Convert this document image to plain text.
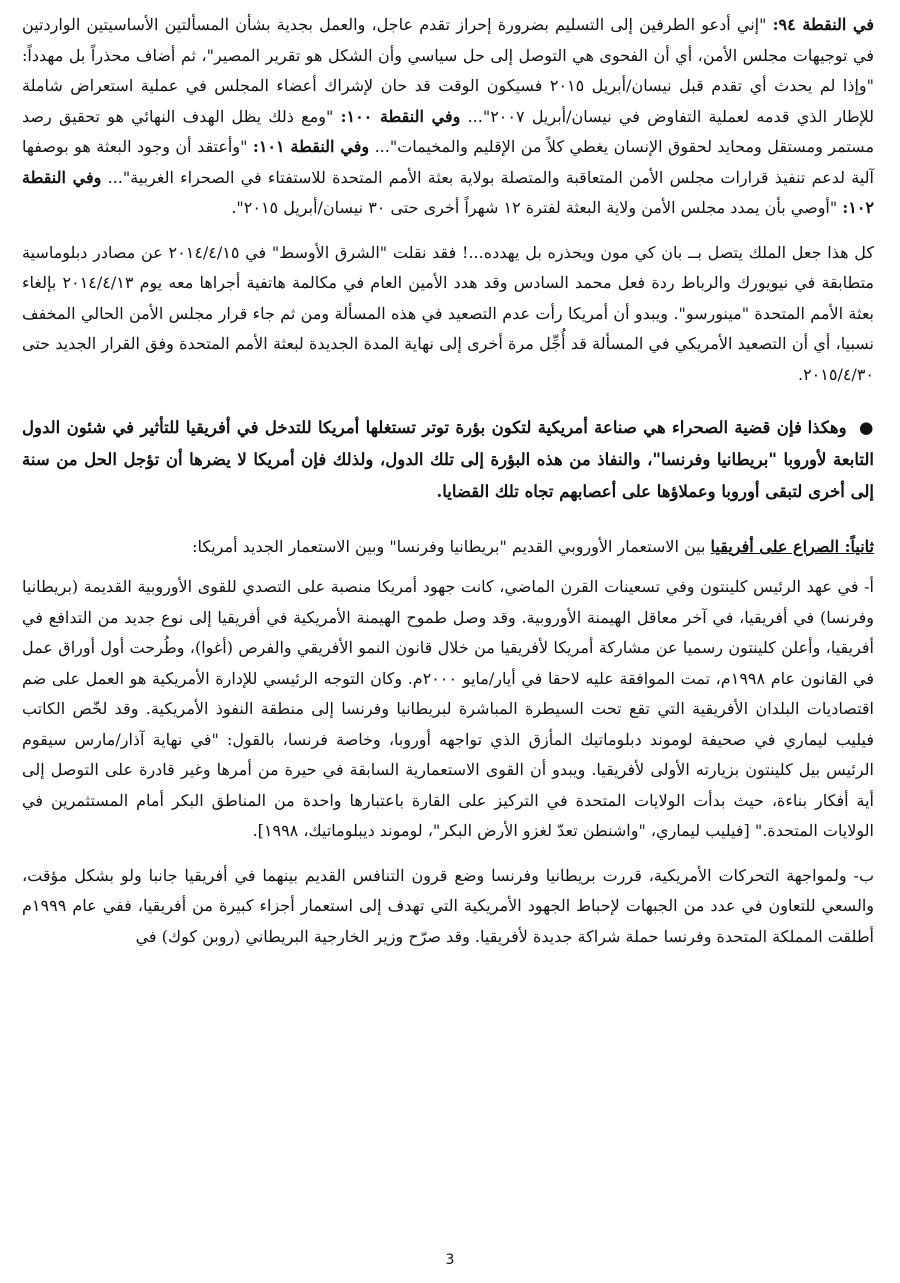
في النقطة ٩٤: "إني أدعو الطرفين إلى التسليم بضرورة إحراز تقدم عاجل، والعمل بجدية بشأن المسألتين الأساسيتين الواردتين في توجيهات مجلس الأمن، أي أن الفحوى هي التوصل إلى حل سياسي وأن الشكل هو تقرير المصير"، ثم أضاف محذراً بل مهدداً: "وإذا لم يحدث أي تقدم قبل نيسان/أبريل ٢٠١٥ فسيكون الوقت قد حان لإشراك أعضاء المجلس في عملية استعراض شاملة للإطار الذي قدمه لعملية التفاوض في نيسان/أبريل ٢٠٠٧"... وفي النقطة ١٠٠: "ومع ذلك يظل الهدف النهائي هو تحقيق رصد مستمر ومستقل ومحايد لحقوق الإنسان يغطي كلاً من الإقليم والمخيمات"... وفي النقطة ١٠١: "وأعتقد أن وجود البعثة هو بوصفها آلية لدعم تنفيذ قرارات مجلس الأمن المتعاقبة والمتصلة بولاية بعثة الأمم المتحدة للاستفتاء في الصحراء الغربية"... وفي النقطة ١٠٢: "أوصي بأن يمدد مجلس الأمن ولاية البعثة لفترة ١٢ شهراً أخرى حتى ٣٠ نيسان/أبريل ٢٠١٥".

كل هذا جعل الملك يتصل بــ بان كي مون ويحذره بل يهدده...! فقد نقلت "الشرق الأوسط" في ٢٠١٤/٤/١٥ عن مصادر دبلوماسية متطابقة في نيويورك والرباط ردة فعل محمد السادس وقد هدد الأمين العام في مكالمة هاتفية أجراها معه يوم ٢٠١٤/٤/١٣ بإلغاء بعثة الأمم المتحدة "مينورسو". ويبدو أن أمريكا رأت عدم التصعيد في هذه المسألة ومن ثم جاء قرار مجلس الأمن الحالي المخفف نسبيا، أي أن التصعيد الأمريكي في المسألة قد أُجِّل مرة أخرى إلى نهاية المدة الجديدة لبعثة الأمم المتحدة وفق القرار الجديد حتى ٢٠١٥/٤/٣٠.

● وهكذا فإن قضية الصحراء هي صناعة أمريكية لتكون بؤرة توتر تستغلها أمريكا للتدخل في أفريقيا للتأثير في شئون الدول التابعة لأوروبا "بريطانيا وفرنسا"، والنفاذ من هذه البؤرة إلى تلك الدول، ولذلك فإن أمريكا لا يضرها أن تؤجل الحل من سنة إلى أخرى لتبقى أوروبا وعملاؤها على أعصابهم تجاه تلك القضايا.

ثانياً: الصراع على أفريقيا بين الاستعمار الأوروبي القديم "بريطانيا وفرنسا" وبين الاستعمار الجديد أمريكا:

أ- في عهد الرئيس كلينتون وفي تسعينات القرن الماضي، كانت جهود أمريكا منصبة على التصدي للقوى الأوروبية القديمة (بريطانيا وفرنسا) في أفريقيا، في آخر معاقل الهيمنة الأوروبية. وقد وصل طموح الهيمنة الأمريكية في أفريقيا إلى نوع جديد من التدافع في أفريقيا، وأعلن كلينتون رسميا عن مشاركة أمريكا لأفريقيا من خلال قانون النمو الأفريقي والفرص (أغوا)، وطُرحت أول أوراق عمل في القانون عام ١٩٩٨م، تمت الموافقة عليه لاحقا في أيار/مايو ٢٠٠٠م. وكان التوجه الرئيسي للإدارة الأمريكية هو العمل على ضم اقتصاديات البلدان الأفريقية التي تقع تحت السيطرة المباشرة لبريطانيا وفرنسا إلى منطقة النفوذ الأمريكية. وقد لخّص الكاتب فيليب ليماري في صحيفة لوموند دبلوماتيك المأزق الذي تواجهه أوروبا، وخاصة فرنسا، بالقول: "في نهاية آذار/مارس سيقوم الرئيس بيل كلينتون بزيارته الأولى لأفريقيا. ويبدو أن القوى الاستعمارية السابقة في حيرة من أمرها وغير قادرة على التوصل إلى أية أفكار بناءة، حيث بدأت الولايات المتحدة في التركيز على القارة باعتبارها واحدة من المناطق البكر أمام المستثمرين في الولايات المتحدة." [فيليب ليماري، "واشنطن تعدّ لغزو الأرض البكر"، لوموند ديبلوماتيك، ١٩٩٨].

ب- ولمواجهة التحركات الأمريكية، قررت بريطانيا وفرنسا وضع قرون التنافس القديم بينهما في أفريقيا جانبا ولو بشكل مؤقت، والسعي للتعاون في عدد من الجبهات لإحباط الجهود الأمريكية التي تهدف إلى استعمار أجزاء كبيرة من أفريقيا، ففي عام ١٩٩٩م أطلقت المملكة المتحدة وفرنسا حملة شراكة جديدة لأفريقيا. وقد صرّح وزير الخارجية البريطاني (روبن كوك) في

3
